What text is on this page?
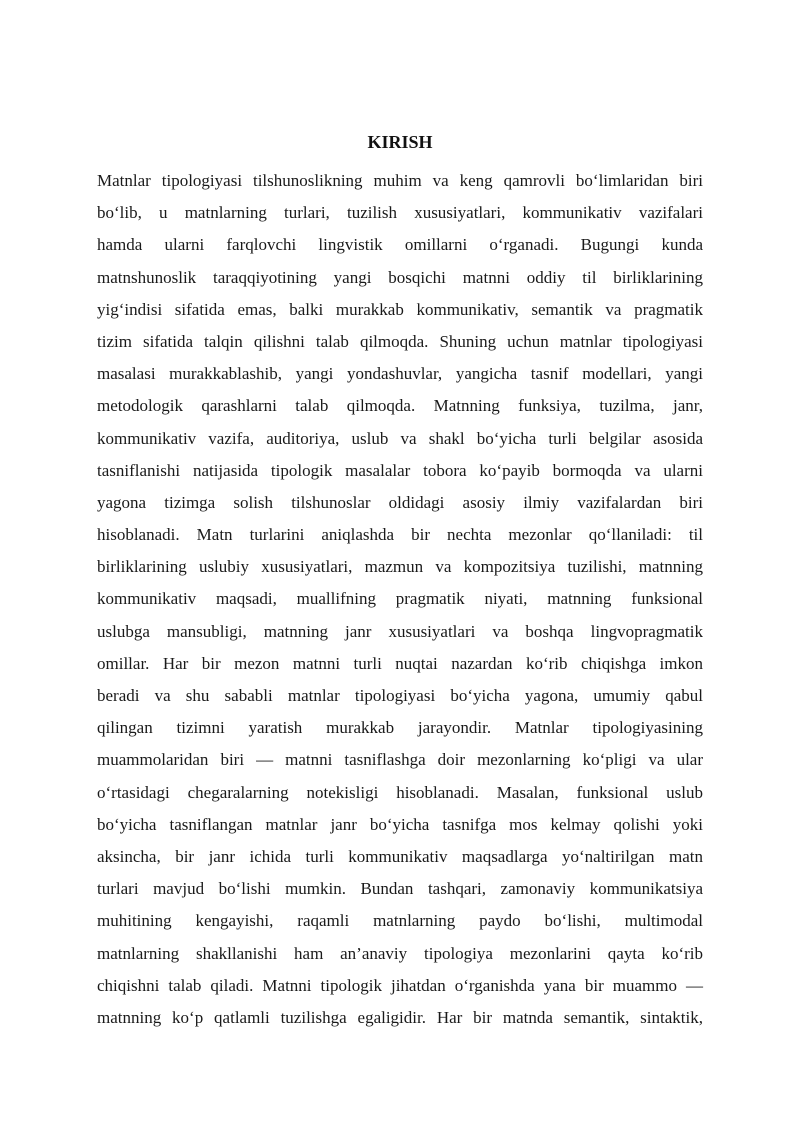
KIRISH
Matnlar tipologiyasi tilshunoslikning muhim va keng qamrovli bo‘limlaridan biri
bo‘lib, u matnlarning turlari, tuzilish xususiyatlari, kommunikativ vazifalari
hamda ularni farqlovchi lingvistik omillarni o‘rganadi. Bugungi kunda
matnshunoslik taraqqiyotining yangi bosqichi matnni oddiy til birliklarining
yig‘indisi sifatida emas, balki murakkab kommunikativ, semantik va pragmatik
tizim sifatida talqin qilishni talab qilmoqda. Shuning uchun matnlar tipologiyasi
masalasi murakkablashib, yangi yondashuvlar, yangicha tasnif modellari, yangi
metodologik qarashlarni talab qilmoqda. Matnning funksiya, tuzilma, janr,
kommunikativ vazifa, auditoriya, uslub va shakl bo‘yicha turli belgilar asosida
tasniflanishi natijasida tipologik masalalar tobora ko‘payib bormoqda va ularni
yagona tizimga solish tilshunoslar oldidagi asosiy ilmiy vazifalardan biri
hisoblanadi. Matn turlarini aniqlashda bir nechta mezonlar qo‘llaniladi: til
birliklarining uslubiy xususiyatlari, mazmun va kompozitsiya tuzilishi, matnning
kommunikativ maqsadi, muallifning pragmatik niyati, matnning funksional
uslubga mansubligi, matnning janr xususiyatlari va boshqa lingvopragmatik
omillar. Har bir mezon matnni turli nuqtai nazardan ko‘rib chiqishga imkon
beradi va shu sababli matnlar tipologiyasi bo‘yicha yagona, umumiy qabul
qilingan tizimni yaratish murakkab jarayondir. Matnlar tipologiyasining
muammolaridan biri — matnni tasniflashga doir mezonlarning ko‘pligi va ular
o‘rtasidagi chegaralarning notekisligi hisoblanadi. Masalan, funksional uslub
bo‘yicha tasniflangan matnlar janr bo‘yicha tasnifga mos kelmay qolishi yoki
aksincha, bir janr ichida turli kommunikativ maqsadlarga yo‘naltirilgan matn
turlari mavjud bo‘lishi mumkin. Bundan tashqari, zamonaviy kommunikatsiya
muhitining kengayishi, raqamli matnlarning paydo bo‘lishi, multimodal
matnlarning shakllanishi ham an’anaviy tipologiya mezonlarini qayta ko‘rib
chiqishni talab qiladi. Matnni tipologik jihatdan o‘rganishda yana bir muammo —
matnning ko‘p qatlamli tuzilishga egaligidir. Har bir matnda semantik, sintaktik,
